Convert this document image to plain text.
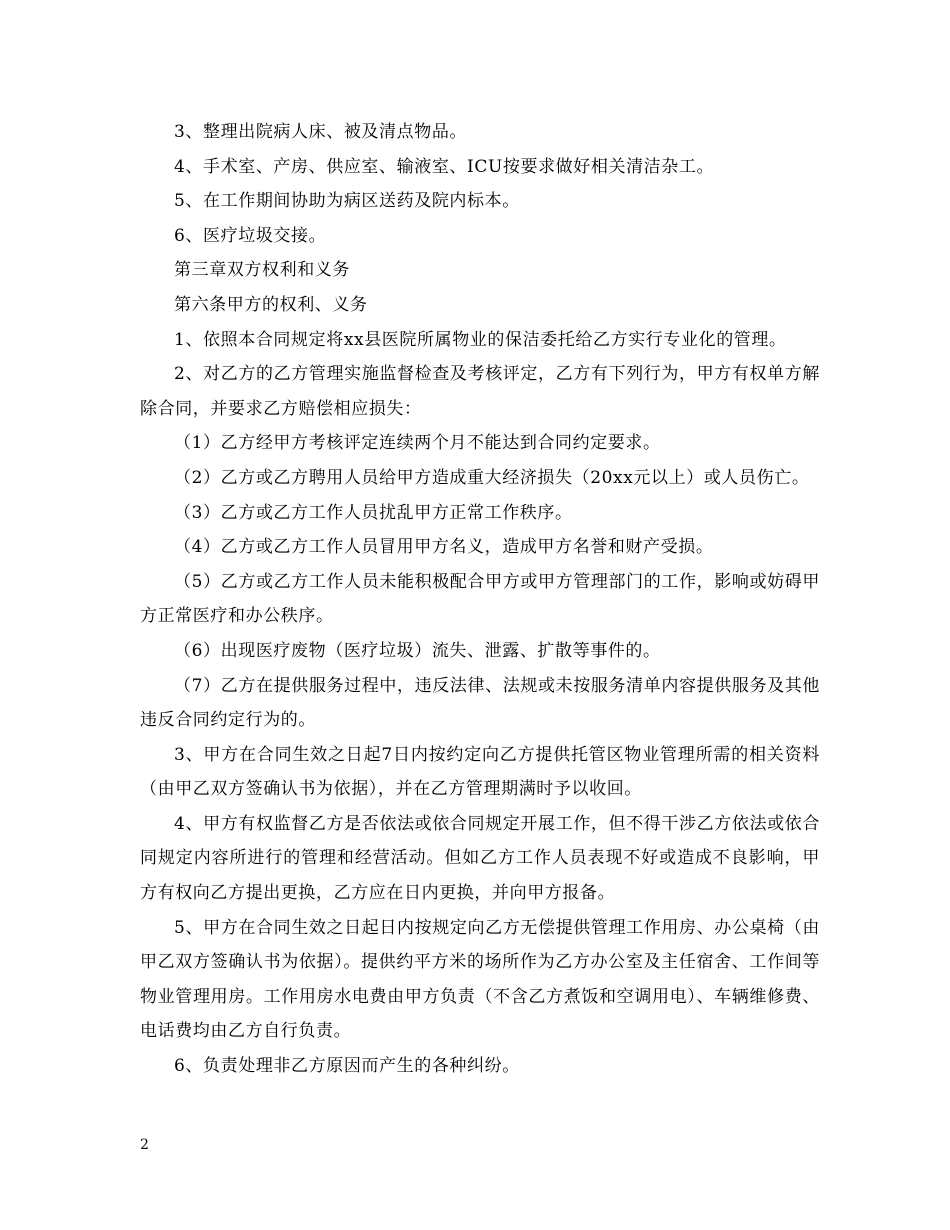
3、整理出院病人床、被及清点物品。

4、手术室、产房、供应室、输液室、ICU按要求做好相关清洁杂工。

5、在工作期间协助为病区送药及院内标本。

6、医疗垃圾交接。

第三章双方权利和义务

第六条甲方的权利、义务

1、依照本合同规定将xx县医院所属物业的保洁委托给乙方实行专业化的管理。

2、对乙方的乙方管理实施监督检查及考核评定，乙方有下列行为，甲方有权单方解除合同，并要求乙方赔偿相应损失：

（1）乙方经甲方考核评定连续两个月不能达到合同约定要求。

（2）乙方或乙方聘用人员给甲方造成重大经济损失（20xx元以上）或人员伤亡。

（3）乙方或乙方工作人员扰乱甲方正常工作秩序。

（4）乙方或乙方工作人员冒用甲方名义，造成甲方名誉和财产受损。

（5）乙方或乙方工作人员未能积极配合甲方或甲方管理部门的工作，影响或妨碍甲方正常医疗和办公秩序。

（6）出现医疗废物（医疗垃圾）流失、泄露、扩散等事件的。

（7）乙方在提供服务过程中，违反法律、法规或未按服务清单内容提供服务及其他违反合同约定行为的。

3、甲方在合同生效之日起7日内按约定向乙方提供托管区物业管理所需的相关资料（由甲乙双方签确认书为依据），并在乙方管理期满时予以收回。

4、甲方有权监督乙方是否依法或依合同规定开展工作，但不得干涉乙方依法或依合同规定内容所进行的管理和经营活动。但如乙方工作人员表现不好或造成不良影响，甲方有权向乙方提出更换，乙方应在日内更换，并向甲方报备。

5、甲方在合同生效之日起日内按规定向乙方无偿提供管理工作用房、办公桌椅（由甲乙双方签确认书为依据）。提供约平方米的场所作为乙方办公室及主任宿舍、工作间等物业管理用房。工作用房水电费由甲方负责（不含乙方煮饭和空调用电）、车辆维修费、电话费均由乙方自行负责。

6、负责处理非乙方原因而产生的各种纠纷。

2
